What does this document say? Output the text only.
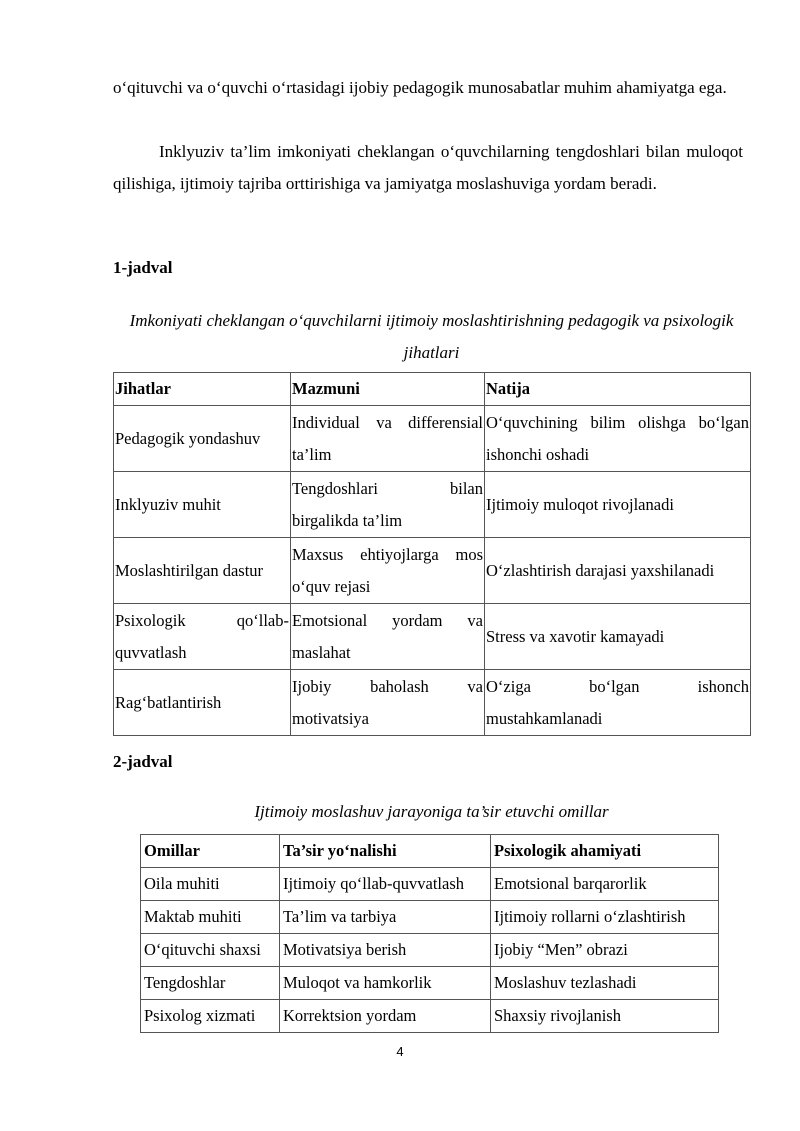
o‘qituvchi va o‘quvchi o‘rtasidagi ijobiy pedagogik munosabatlar muhim ahamiyatga ega.

Inklyuziv ta’lim imkoniyati cheklangan o‘quvchilarning tengdoshlari bilan muloqot qilishiga, ijtimoiy tajriba orttirishiga va jamiyatga moslashuviga yordam beradi.

1-jadval

Imkoniyati cheklangan o‘quvchilarni ijtimoiy moslashtirishning pedagogik va psixologik jihatlari

Jihatlar	Mazmuni	Natija
Pedagogik yondashuv	Individual va differensial ta’lim	O‘quvchining bilim olishga bo‘lgan ishonchi oshadi
Inklyuziv muhit	Tengdoshlari bilan birgalikda ta’lim	Ijtimoiy muloqot rivojlanadi
Moslashtirilgan dastur	Maxsus ehtiyojlarga mos o‘quv rejasi	O‘zlashtirish darajasi yaxshilanadi
Psixologik qo‘llab-quvvatlash	Emotsional yordam va maslahat	Stress va xavotir kamayadi
Rag‘batlantirish	Ijobiy baholash va motivatsiya	O‘ziga bo‘lgan ishonch mustahkamlanadi

2-jadval

Ijtimoiy moslashuv jarayoniga ta’sir etuvchi omillar

Omillar	Ta’sir yo‘nalishi	Psixologik ahamiyati
Oila muhiti	Ijtimoiy qo‘llab-quvvatlash	Emotsional barqarorlik
Maktab muhiti	Ta’lim va tarbiya	Ijtimoiy rollarni o‘zlashtirish
O‘qituvchi shaxsi	Motivatsiya berish	Ijobiy “Men” obrazi
Tengdoshlar	Muloqot va hamkorlik	Moslashuv tezlashadi
Psixolog xizmati	Korrektsion yordam	Shaxsiy rivojlanish
4
